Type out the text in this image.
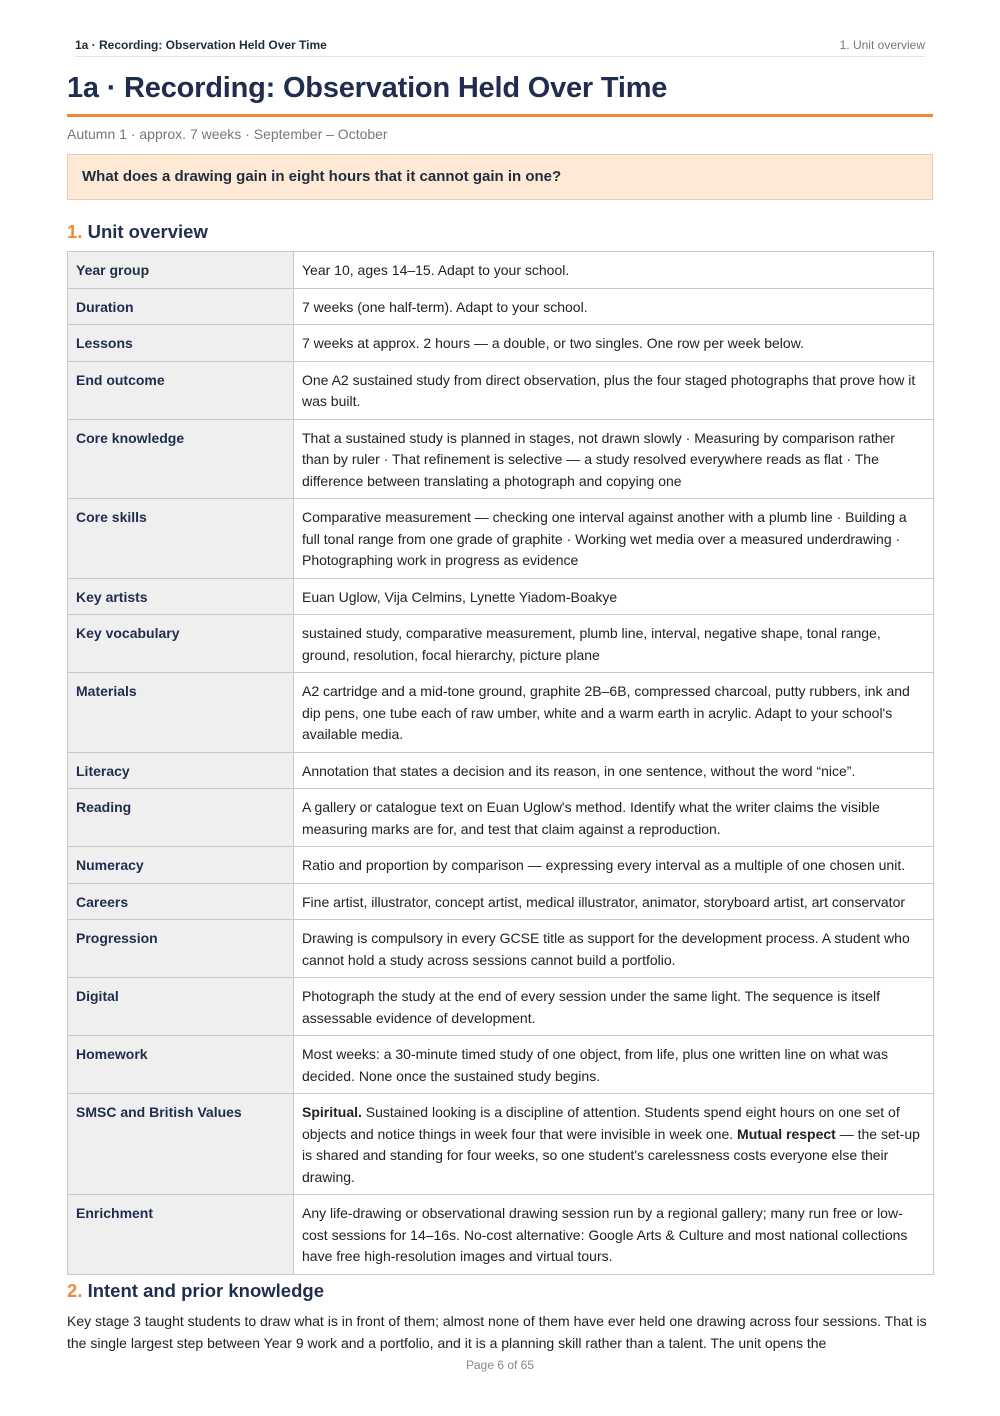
1a · Recording: Observation Held Over Time	1. Unit overview
1a · Recording: Observation Held Over Time
Autumn 1 · approx. 7 weeks · September – October
What does a drawing gain in eight hours that it cannot gain in one?
1. Unit overview
Year group	Year 10, ages 14–15. Adapt to your school.
Duration	7 weeks (one half-term). Adapt to your school.
Lessons	7 weeks at approx. 2 hours — a double, or two singles. One row per week below.
End outcome	One A2 sustained study from direct observation, plus the four staged photographs that prove how it was built.
Core knowledge	That a sustained study is planned in stages, not drawn slowly · Measuring by comparison rather than by ruler · That refinement is selective — a study resolved everywhere reads as flat · The difference between translating a photograph and copying one
Core skills	Comparative measurement — checking one interval against another with a plumb line · Building a full tonal range from one grade of graphite · Working wet media over a measured underdrawing · Photographing work in progress as evidence
Key artists	Euan Uglow, Vija Celmins, Lynette Yiadom-Boakye
Key vocabulary	sustained study, comparative measurement, plumb line, interval, negative shape, tonal range, ground, resolution, focal hierarchy, picture plane
Materials	A2 cartridge and a mid-tone ground, graphite 2B–6B, compressed charcoal, putty rubbers, ink and dip pens, one tube each of raw umber, white and a warm earth in acrylic. Adapt to your school's available media.
Literacy	Annotation that states a decision and its reason, in one sentence, without the word “nice”.
Reading	A gallery or catalogue text on Euan Uglow's method. Identify what the writer claims the visible measuring marks are for, and test that claim against a reproduction.
Numeracy	Ratio and proportion by comparison — expressing every interval as a multiple of one chosen unit.
Careers	Fine artist, illustrator, concept artist, medical illustrator, animator, storyboard artist, art conservator
Progression	Drawing is compulsory in every GCSE title as support for the development process. A student who cannot hold a study across sessions cannot build a portfolio.
Digital	Photograph the study at the end of every session under the same light. The sequence is itself assessable evidence of development.
Homework	Most weeks: a 30-minute timed study of one object, from life, plus one written line on what was decided. None once the sustained study begins.
SMSC and British Values	Spiritual. Sustained looking is a discipline of attention. Students spend eight hours on one set of objects and notice things in week four that were invisible in week one. Mutual respect — the set-up is shared and standing for four weeks, so one student's carelessness costs everyone else their drawing.
Enrichment	Any life-drawing or observational drawing session run by a regional gallery; many run free or low-cost sessions for 14–16s. No-cost alternative: Google Arts & Culture and most national collections have free high-resolution images and virtual tours.
2. Intent and prior knowledge

Key stage 3 taught students to draw what is in front of them; almost none of them have ever held one drawing across four sessions. That is the single largest step between Year 9 work and a portfolio, and it is a planning skill rather than a talent. The unit opens the

Page 6 of 65
